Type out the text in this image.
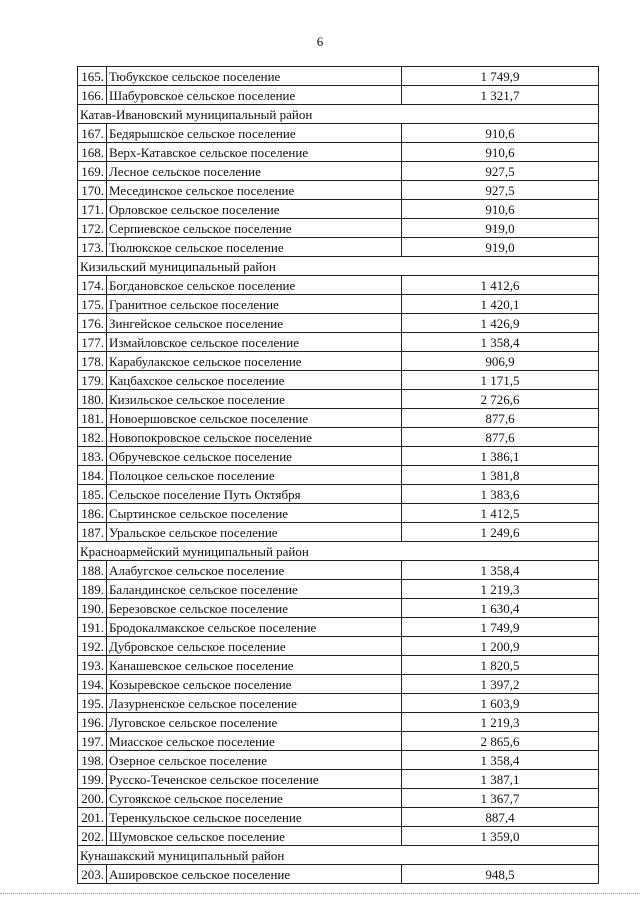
6
165.	Тюбукское сельское поселение	1 749,9
166.	Шабуровское сельское поселение	1 321,7
Катав-Ивановский муниципальный район		
167.	Бедярышское сельское поселение	910,6
168.	Верх-Катавское сельское поселение	910,6
169.	Лесное сельское поселение	927,5
170.	Месединское сельское поселение	927,5
171.	Орловское сельское поселение	910,6
172.	Серпиевское сельское поселение	919,0
173.	Тюлюкское сельское поселение	919,0
Кизильский муниципальный район		
174.	Богдановское сельское поселение	1 412,6
175.	Гранитное сельское поселение	1 420,1
176.	Зингейское сельское поселение	1 426,9
177.	Измайловское сельское поселение	1 358,4
178.	Карабулакское сельское поселение	906,9
179.	Кацбахское сельское поселение	1 171,5
180.	Кизильское сельское поселение	2 726,6
181.	Новоершовское сельское поселение	877,6
182.	Новопокровское сельское поселение	877,6
183.	Обручевское сельское поселение	1 386,1
184.	Полоцкое сельское поселение	1 381,8
185.	Сельское поселение Путь Октября	1 383,6
186.	Сыртинское сельское поселение	1 412,5
187.	Уральское сельское поселение	1 249,6
Красноармейский муниципальный район		
188.	Алабугское сельское поселение	1 358,4
189.	Баландинское сельское поселение	1 219,3
190.	Березовское сельское поселение	1 630,4
191.	Бродокалмакское сельское поселение	1 749,9
192.	Дубровское сельское поселение	1 200,9
193.	Канашевское сельское поселение	1 820,5
194.	Козыревское сельское поселение	1 397,2
195.	Лазурненское сельское поселение	1 603,9
196.	Луговское сельское поселение	1 219,3
197.	Миасское сельское поселение	2 865,6
198.	Озерное сельское поселение	1 358,4
199.	Русско-Теченское сельское поселение	1 387,1
200.	Сугоякское сельское поселение	1 367,7
201.	Теренкульское сельское поселение	887,4
202.	Шумовское сельское поселение	1 359,0
Кунашакский муниципальный район		
203.	Аширoвское сельское поселение	948,5
